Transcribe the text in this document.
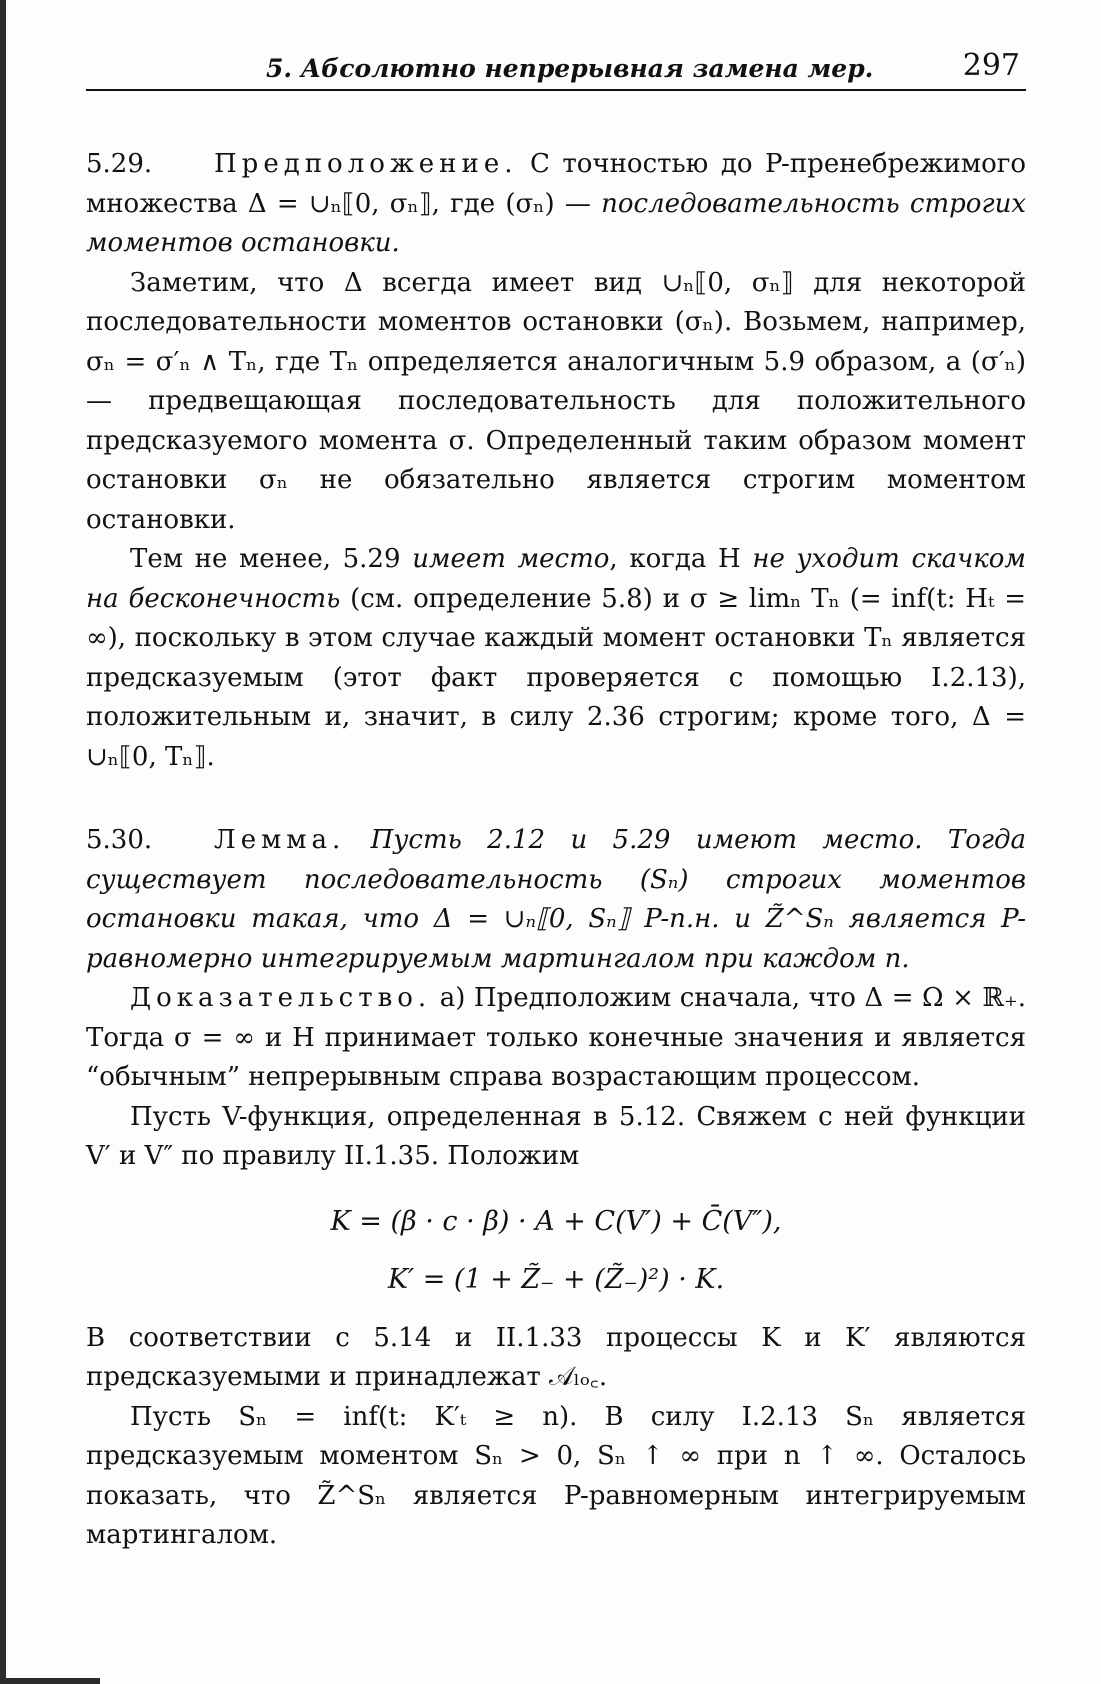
5. Абсолютно непрерывная замена мер.	297

5.29. Предположение. С точностью до P-пренебрежимого множества Δ = ∪ₙ⟦0, σₙ⟧, где (σₙ) — последовательность строгих моментов остановки.

Заметим, что Δ всегда имеет вид ∪ₙ⟦0, σₙ⟧ для некоторой последовательности моментов остановки (σₙ). Возьмем, например, σₙ = σ′ₙ ∧ Tₙ, где Tₙ определяется аналогичным 5.9 образом, а (σ′ₙ) — предвещающая последовательность для положительного предсказуемого момента σ. Определенный таким образом момент остановки σₙ не обязательно является строгим моментом остановки.

Тем не менее, 5.29 имеет место, когда H не уходит скачком на бесконечность (см. определение 5.8) и σ ≥ limₙ Tₙ (= inf(t: Hₜ = ∞), поскольку в этом случае каждый момент остановки Tₙ является предсказуемым (этот факт проверяется с помощью I.2.13), положительным и, значит, в силу 2.36 строгим; кроме того, Δ = ∪ₙ⟦0, Tₙ⟧.

5.30. Лемма. Пусть 2.12 и 5.29 имеют место. Тогда существует последовательность (Sₙ) строгих моментов остановки такая, что Δ = ∪ₙ⟦0, Sₙ⟧ P-п.н. и Z̃^Sₙ является P-равномерно интегрируемым мартингалом при каждом n.

Доказательство. a) Предположим сначала, что Δ = Ω × ℝ₊. Тогда σ = ∞ и H принимает только конечные значения и является “обычным” непрерывным справа возрастающим процессом.

Пусть V-функция, определенная в 5.12. Свяжем с ней функции V′ и V″ по правилу II.1.35. Положим

K = (β · c · β) · A + C(V′) + C̄(V″),
K′ = (1 + Z̃₋ + (Z̃₋)²) · K.

В соответствии с 5.14 и II.1.33 процессы K и K′ являются предсказуемыми и принадлежат 𝒜ₗₒ꜀.

Пусть Sₙ = inf(t: K′ₜ ≥ n). В силу I.2.13 Sₙ является предсказуемым моментом Sₙ > 0, Sₙ ↑ ∞ при n ↑ ∞. Осталось показать, что Z̃^Sₙ является P-равномерным интегрируемым мартингалом.
